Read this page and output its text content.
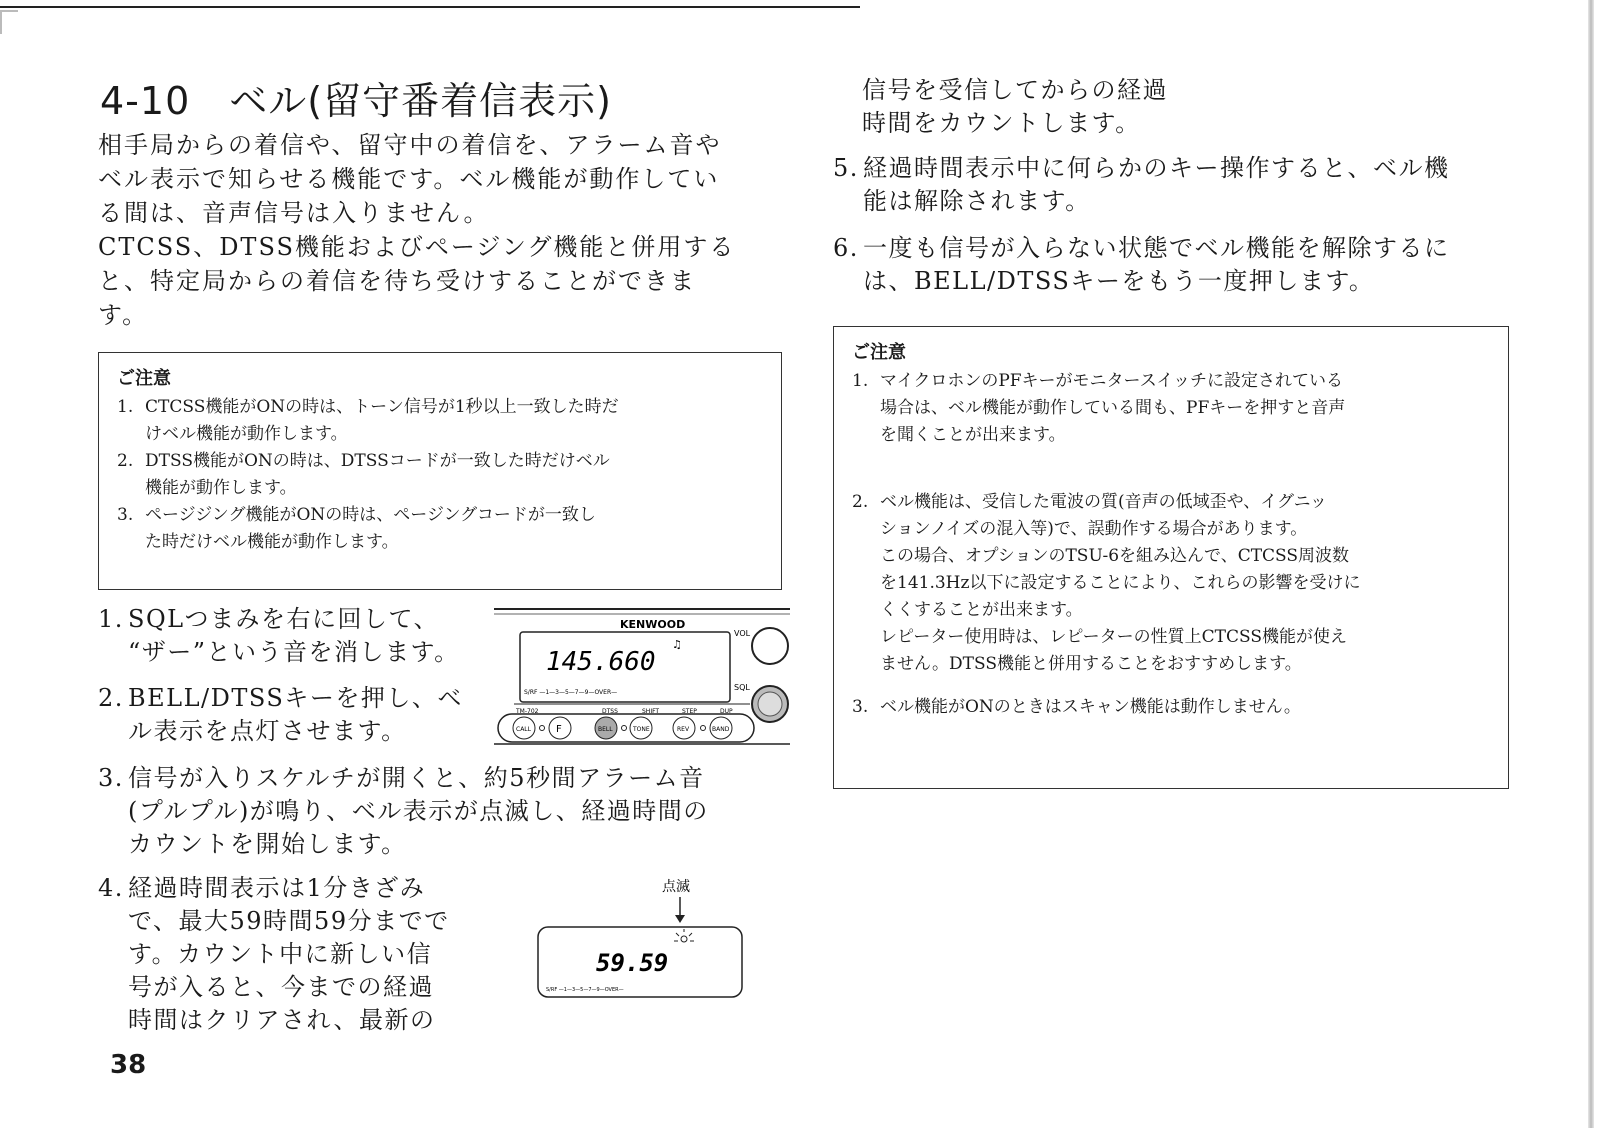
4-10　ベル(留守番着信表示)

相手局からの着信や、留守中の着信を、アラーム音や

ベル表示で知らせる機能です。ベル機能が動作してい

る間は、音声信号は入りません。

CTCSS、DTSS機能およびページング機能と併用する

と、特定局からの着信を待ち受けすることができま

す。

ご注意
1. CTCSS機能がONの時は、トーン信号が1秒以上一致した時だ
けベル機能が動作します。
2. DTSS機能がONの時は、DTSSコードが一致した時だけベル
機能が動作します。
3. ページジング機能がONの時は、ページングコードが一致し
た時だけベル機能が動作します。
1. SQLつまみを右に回して、
“ザー”という音を消します。
2. BELL/DTSSキーを押し、ベ
ル表示を点灯させます。
KENWOOD
145.660
♫
S/RF —1—3—5—7—9—OVER—
VOL
SQL
TM-702	DTSS	SHIFT	STEP	DUP
CALL	F	BELL	TONE	REV	BAND
3. 信号が入りスケルチが開くと、約5秒間アラーム音
(プルプル)が鳴り、ベル表示が点滅し、経過時間の
カウントを開始します。
4. 経過時間表示は1分きざみ
で、最大59時間59分までで
す。カウント中に新しい信
号が入ると、今までの経過
時間はクリアされ、最新の
点滅
59.59
S/RF —1—3—5—7—9—OVER—
38
信号を受信してからの経過
時間をカウントします。
5. 経過時間表示中に何らかのキー操作すると、ベル機
能は解除されます。
6. 一度も信号が入らない状態でベル機能を解除するに
は、BELL/DTSSキーをもう一度押します。
ご注意
1. マイクロホンのPFキーがモニタースイッチに設定されている
場合は、ベル機能が動作している間も、PFキーを押すと音声
を聞くことが出来ます。
2. ベル機能は、受信した電波の質(音声の低域歪や、イグニッ
ションノイズの混入等)で、誤動作する場合があります。
この場合、オプションのTSU-6を組み込んで、CTCSS周波数
を141.3Hz以下に設定することにより、これらの影響を受けに
くくすることが出来ます。
レピーター使用時は、レピーターの性質上CTCSS機能が使え
ません。DTSS機能と併用することをおすすめします。
3. ベル機能がONのときはスキャン機能は動作しません。
